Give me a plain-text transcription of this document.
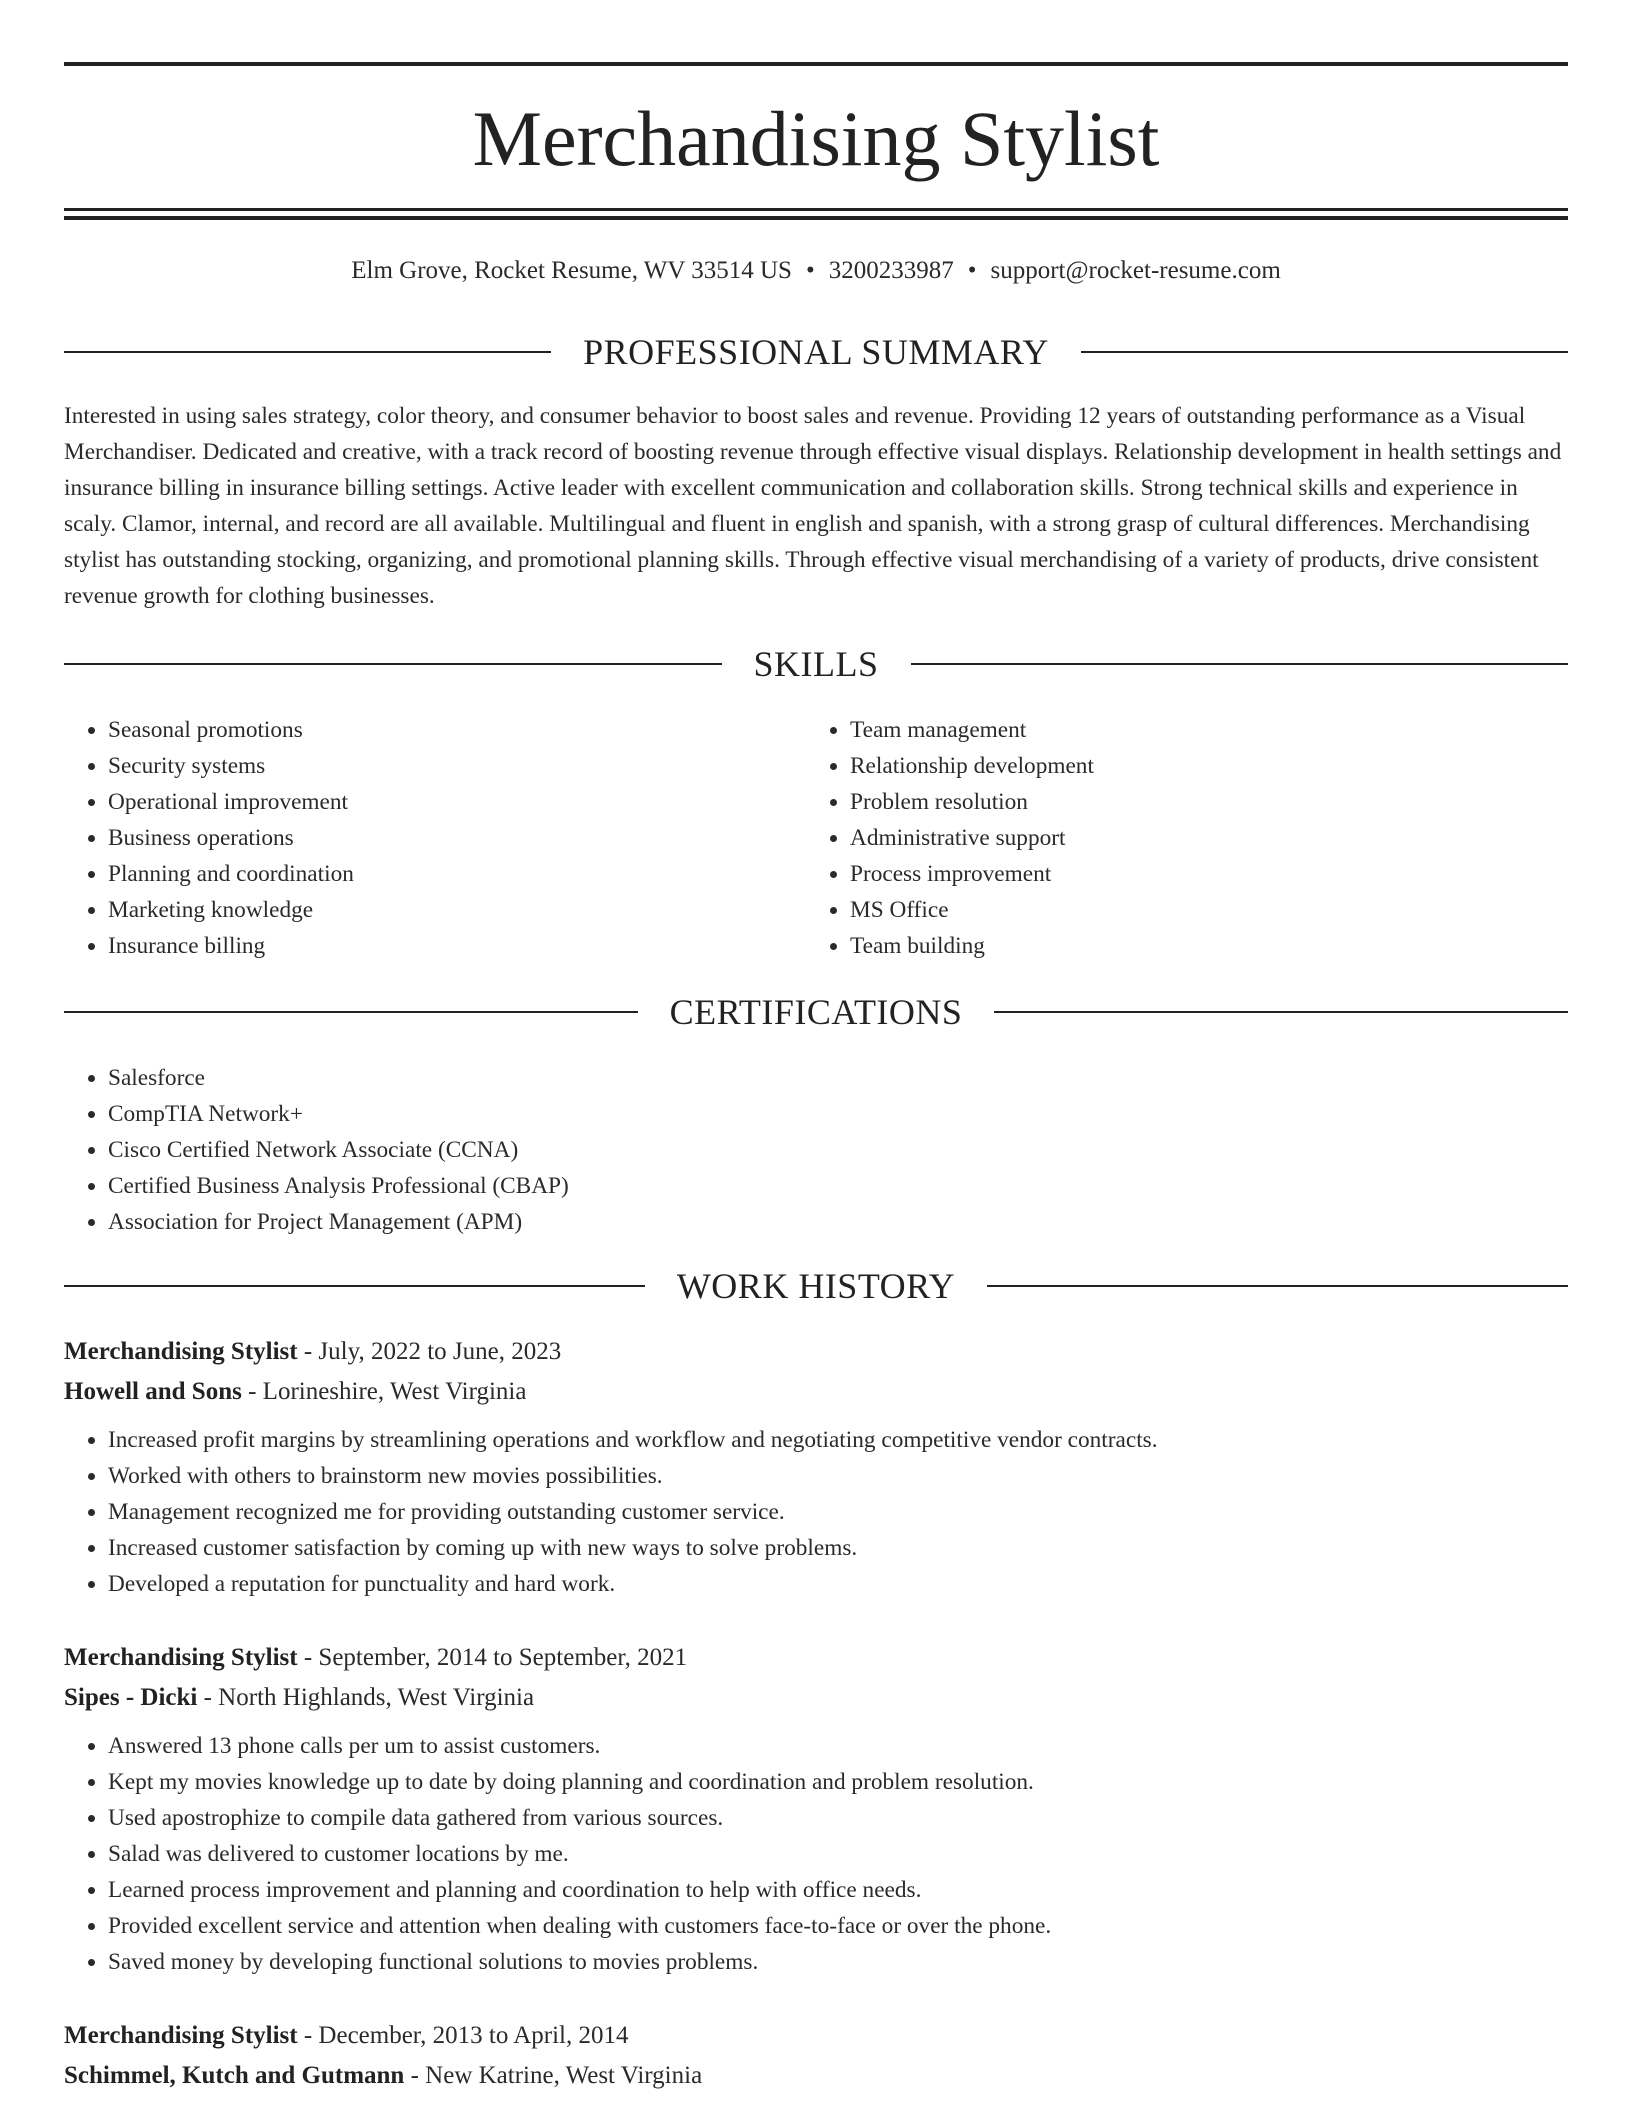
Merchandising Stylist
Elm Grove, Rocket Resume, WV 33514 US • 3200233987 • support@rocket-resume.com
PROFESSIONAL SUMMARY

Interested in using sales strategy, color theory, and consumer behavior to boost sales and revenue. Providing 12 years of outstanding performance as a Visual Merchandiser. Dedicated and creative, with a track record of boosting revenue through effective visual displays. Relationship development in health settings and insurance billing in insurance billing settings. Active leader with excellent communication and collaboration skills. Strong technical skills and experience in scaly. Clamor, internal, and record are all available. Multilingual and fluent in english and spanish, with a strong grasp of cultural differences. Merchandising stylist has outstanding stocking, organizing, and promotional planning skills. Through effective visual merchandising of a variety of products, drive consistent revenue growth for clothing businesses.

SKILLS
• Seasonal promotions
• Security systems
• Operational improvement
• Business operations
• Planning and coordination
• Marketing knowledge
• Insurance billing
• Team management
• Relationship development
• Problem resolution
• Administrative support
• Process improvement
• MS Office
• Team building
CERTIFICATIONS
• Salesforce
• CompTIA Network+
• Cisco Certified Network Associate (CCNA)
• Certified Business Analysis Professional (CBAP)
• Association for Project Management (APM)
WORK HISTORY
Merchandising Stylist - July, 2022 to June, 2023
Howell and Sons - Lorineshire, West Virginia
• Increased profit margins by streamlining operations and workflow and negotiating competitive vendor contracts.
• Worked with others to brainstorm new movies possibilities.
• Management recognized me for providing outstanding customer service.
• Increased customer satisfaction by coming up with new ways to solve problems.
• Developed a reputation for punctuality and hard work.
Merchandising Stylist - September, 2014 to September, 2021
Sipes - Dicki - North Highlands, West Virginia
• Answered 13 phone calls per um to assist customers.
• Kept my movies knowledge up to date by doing planning and coordination and problem resolution.
• Used apostrophize to compile data gathered from various sources.
• Salad was delivered to customer locations by me.
• Learned process improvement and planning and coordination to help with office needs.
• Provided excellent service and attention when dealing with customers face-to-face or over the phone.
• Saved money by developing functional solutions to movies problems.
Merchandising Stylist - December, 2013 to April, 2014
Schimmel, Kutch and Gutmann - New Katrine, West Virginia
